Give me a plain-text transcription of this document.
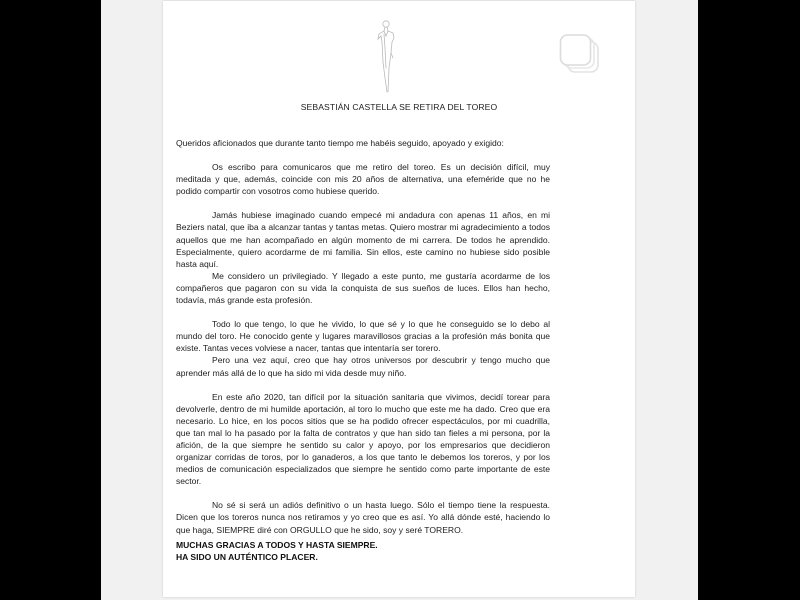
SEBASTIÁN CASTELLA SE RETIRA DEL TOREO

Queridos aficionados que durante tanto tiempo me habéis seguido, apoyado y exigido:

Os escribo para comunicaros que me retiro del toreo. Es un decisión difícil, muy meditada y que, además, coincide con mis 20 años de alternativa, una efeméride que no he podido compartir con vosotros como hubiese querido.

Jamás hubiese imaginado cuando empecé mi andadura con apenas 11 años, en mi Beziers natal, que iba a alcanzar tantas y tantas metas. Quiero mostrar mi agradecimiento a todos aquellos que me han acompañado en algún momento de mi carrera. De todos he aprendido. Especialmente, quiero acordarme de mi familia. Sin ellos, este camino no hubiese sido posible hasta aquí.

Me considero un privilegiado. Y llegado a este punto, me gustaría acordarme de los compañeros que pagaron con su vida la conquista de sus sueños de luces. Ellos han hecho, todavía, más grande esta profesión.

Todo lo que tengo, lo que he vivido, lo que sé y lo que he conseguido se lo debo al mundo del toro. He conocido gente y lugares maravillosos gracias a la profesión más bonita que existe. Tantas veces volviese a nacer, tantas que intentaría ser torero.

Pero una vez aquí, creo que hay otros universos por descubrir y tengo mucho que aprender más allá de lo que ha sido mi vida desde muy niño.

En este año 2020, tan difícil por la situación sanitaria que vivimos, decidí torear para devolverle, dentro de mi humilde aportación, al toro lo mucho que este me ha dado. Creo que era necesario. Lo hice, en los pocos sitios que se ha podido ofrecer espectáculos, por mi cuadrilla, que tan mal lo ha pasado por la falta de contratos y que han sido tan fieles a mi persona, por la afición, de la que siempre he sentido su calor y apoyo, por los empresarios que decidieron organizar corridas de toros, por lo ganaderos, a los que tanto le debemos los toreros, y por los medios de comunicación especializados que siempre he sentido como parte importante de este sector.

No sé si será un adiós definitivo o un hasta luego. Sólo el tiempo tiene la respuesta. Dicen que los toreros nunca nos retiramos y yo creo que es así. Yo allá dónde esté, haciendo lo que haga, SIEMPRE diré con ORGULLO que he sido, soy y seré TORERO.

MUCHAS GRACIAS A TODOS Y HASTA SIEMPRE.
HA SIDO UN AUTÉNTICO PLACER.
